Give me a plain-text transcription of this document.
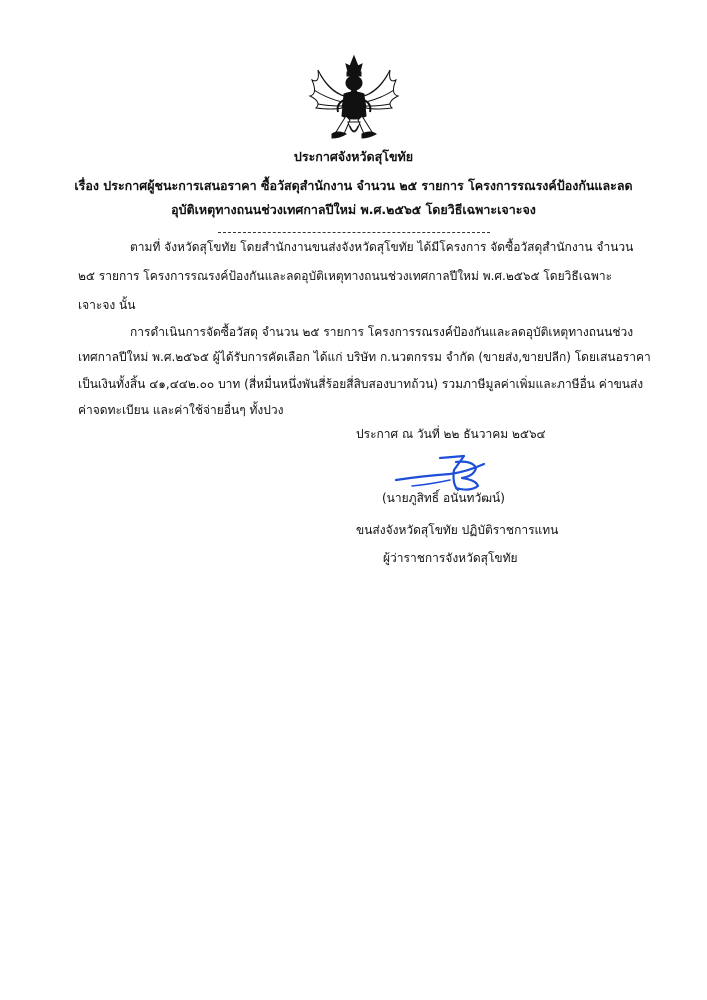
ประกาศจังหวัดสุโขทัย
เรื่อง ประกาศผู้ชนะการเสนอราคา ซื้อวัสดุสำนักงาน จำนวน ๒๕ รายการ โครงการรณรงค์ป้องกันและลด
อุบัติเหตุทางถนนช่วงเทศกาลปีใหม่ พ.ศ.๒๕๖๕ โดยวิธีเฉพาะเจาะจง
ตามที่ จังหวัดสุโขทัย โดยสำนักงานขนส่งจังหวัดสุโขทัย ได้มีโครงการ จัดซื้อวัสดุสำนักงาน จำนวน
๒๕ รายการ โครงการรณรงค์ป้องกันและลดอุบัติเหตุทางถนนช่วงเทศกาลปีใหม่ พ.ศ.๒๕๖๕ โดยวิธีเฉพาะ
เจาะจง นั้น
การดำเนินการจัดซื้อวัสดุ จำนวน ๒๕ รายการ โครงการรณรงค์ป้องกันและลดอุบัติเหตุทางถนนช่วง
เทศกาลปีใหม่ พ.ศ.๒๕๖๕ ผู้ได้รับการคัดเลือก ได้แก่ บริษัท ก.นวตกรรม จำกัด (ขายส่ง,ขายปลีก) โดยเสนอราคา
เป็นเงินทั้งสิ้น ๔๑,๔๔๒.๐๐ บาท (สี่หมื่นหนึ่งพันสี่ร้อยสี่สิบสองบาทถ้วน) รวมภาษีมูลค่าเพิ่มและภาษีอื่น ค่าขนส่ง
ค่าจดทะเบียน และค่าใช้จ่ายอื่นๆ ทั้งปวง
ประกาศ ณ วันที่ ๒๒ ธันวาคม ๒๕๖๔
(นายภูสิทธิ์ อนันทวัฒน์)
ขนส่งจังหวัดสุโขทัย ปฏิบัติราชการแทน
ผู้ว่าราชการจังหวัดสุโขทัย
